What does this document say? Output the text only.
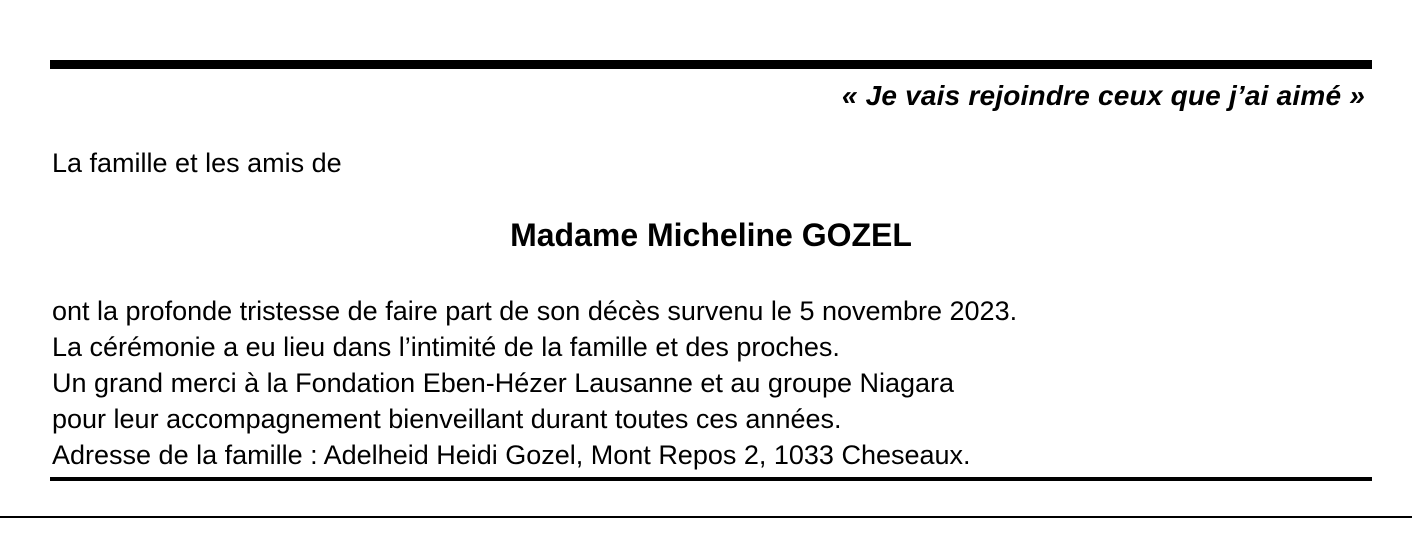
« Je vais rejoindre ceux que j’ai aimé »
La famille et les amis de
Madame Micheline GOZEL
ont la profonde tristesse de faire part de son décès survenu le 5 novembre 2023.
La cérémonie a eu lieu dans l’intimité de la famille et des proches.
Un grand merci à la Fondation Eben-Hézer Lausanne et au groupe Niagara
pour leur accompagnement bienveillant durant toutes ces années.
Adresse de la famille : Adelheid Heidi Gozel, Mont Repos 2, 1033 Cheseaux.
